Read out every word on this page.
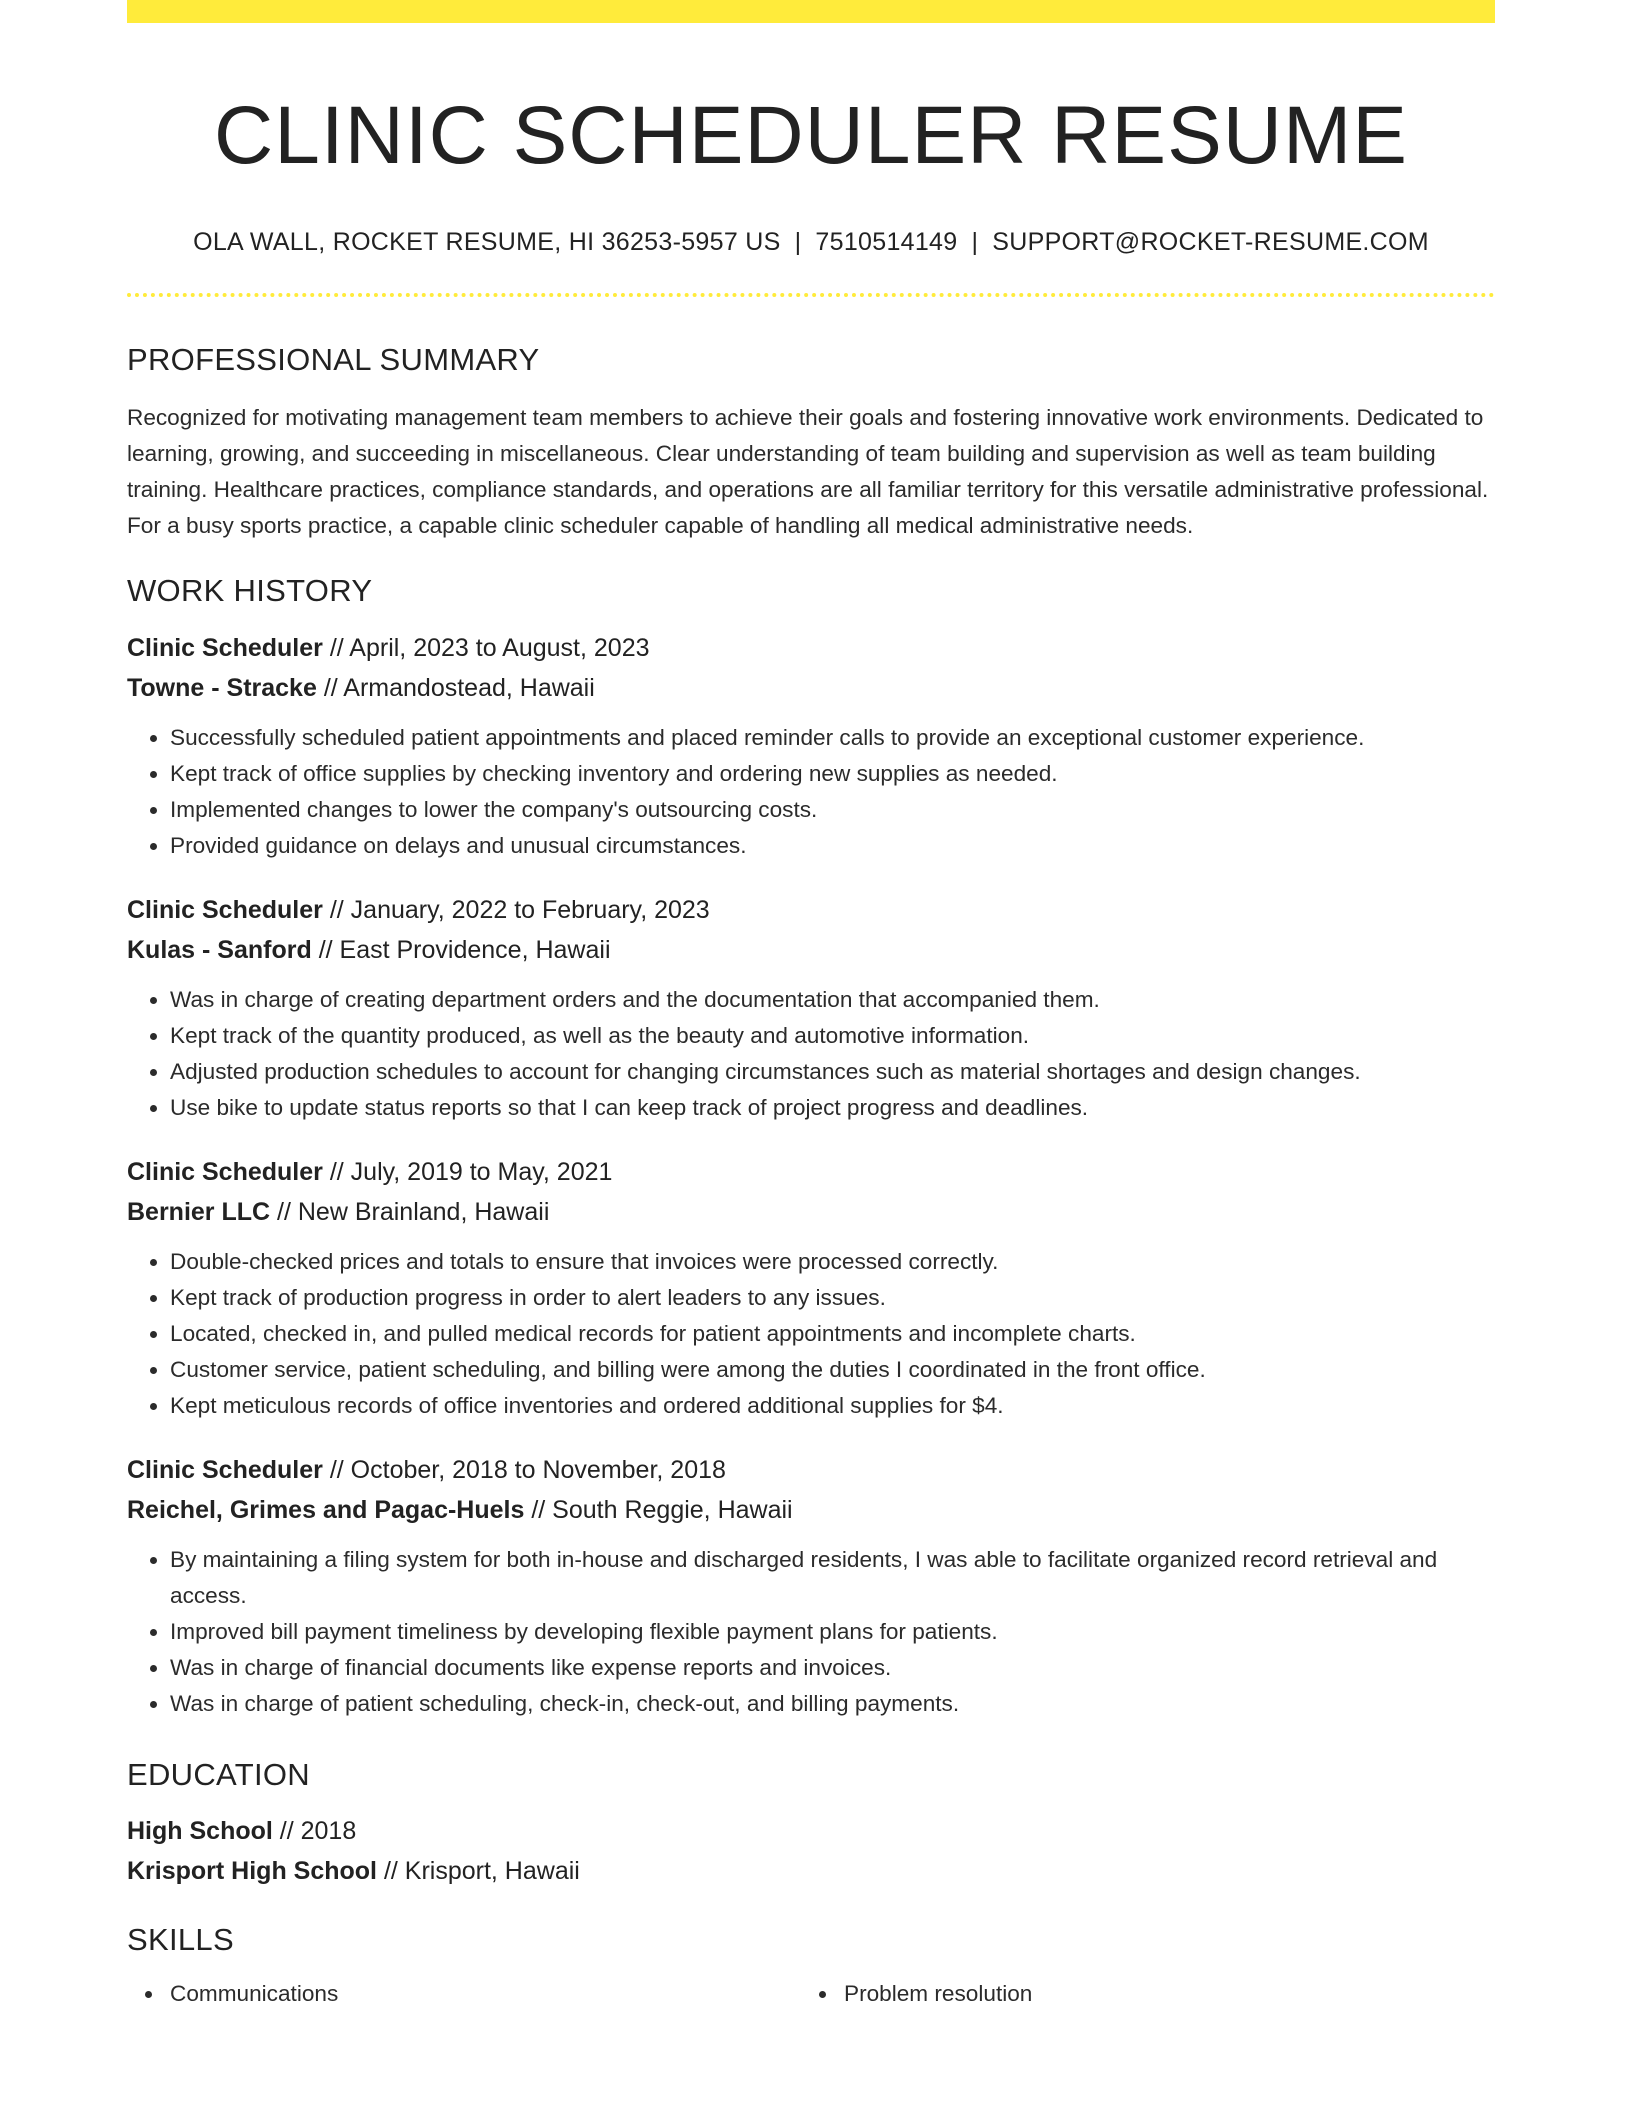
CLINIC SCHEDULER RESUME
OLA WALL, ROCKET RESUME, HI 36253-5957 US | 7510514149 | SUPPORT@ROCKET-RESUME.COM
PROFESSIONAL SUMMARY

Recognized for motivating management team members to achieve their goals and fostering innovative work environments. Dedicated to learning, growing, and succeeding in miscellaneous. Clear understanding of team building and supervision as well as team building training. Healthcare practices, compliance standards, and operations are all familiar territory for this versatile administrative professional. For a busy sports practice, a capable clinic scheduler capable of handling all medical administrative needs.

WORK HISTORY
Clinic Scheduler // April, 2023 to August, 2023
Towne - Stracke // Armandostead, Hawaii
• Successfully scheduled patient appointments and placed reminder calls to provide an exceptional customer experience.
• Kept track of office supplies by checking inventory and ordering new supplies as needed.
• Implemented changes to lower the company's outsourcing costs.
• Provided guidance on delays and unusual circumstances.
Clinic Scheduler // January, 2022 to February, 2023
Kulas - Sanford // East Providence, Hawaii
• Was in charge of creating department orders and the documentation that accompanied them.
• Kept track of the quantity produced, as well as the beauty and automotive information.
• Adjusted production schedules to account for changing circumstances such as material shortages and design changes.
• Use bike to update status reports so that I can keep track of project progress and deadlines.
Clinic Scheduler // July, 2019 to May, 2021
Bernier LLC // New Brainland, Hawaii
• Double-checked prices and totals to ensure that invoices were processed correctly.
• Kept track of production progress in order to alert leaders to any issues.
• Located, checked in, and pulled medical records for patient appointments and incomplete charts.
• Customer service, patient scheduling, and billing were among the duties I coordinated in the front office.
• Kept meticulous records of office inventories and ordered additional supplies for $4.
Clinic Scheduler // October, 2018 to November, 2018
Reichel, Grimes and Pagac-Huels // South Reggie, Hawaii
• By maintaining a filing system for both in-house and discharged residents, I was able to facilitate organized record retrieval and access.
• Improved bill payment timeliness by developing flexible payment plans for patients.
• Was in charge of financial documents like expense reports and invoices.
• Was in charge of patient scheduling, check-in, check-out, and billing payments.
EDUCATION
High School // 2018
Krisport High School // Krisport, Hawaii
SKILLS
Communications	Problem resolution
